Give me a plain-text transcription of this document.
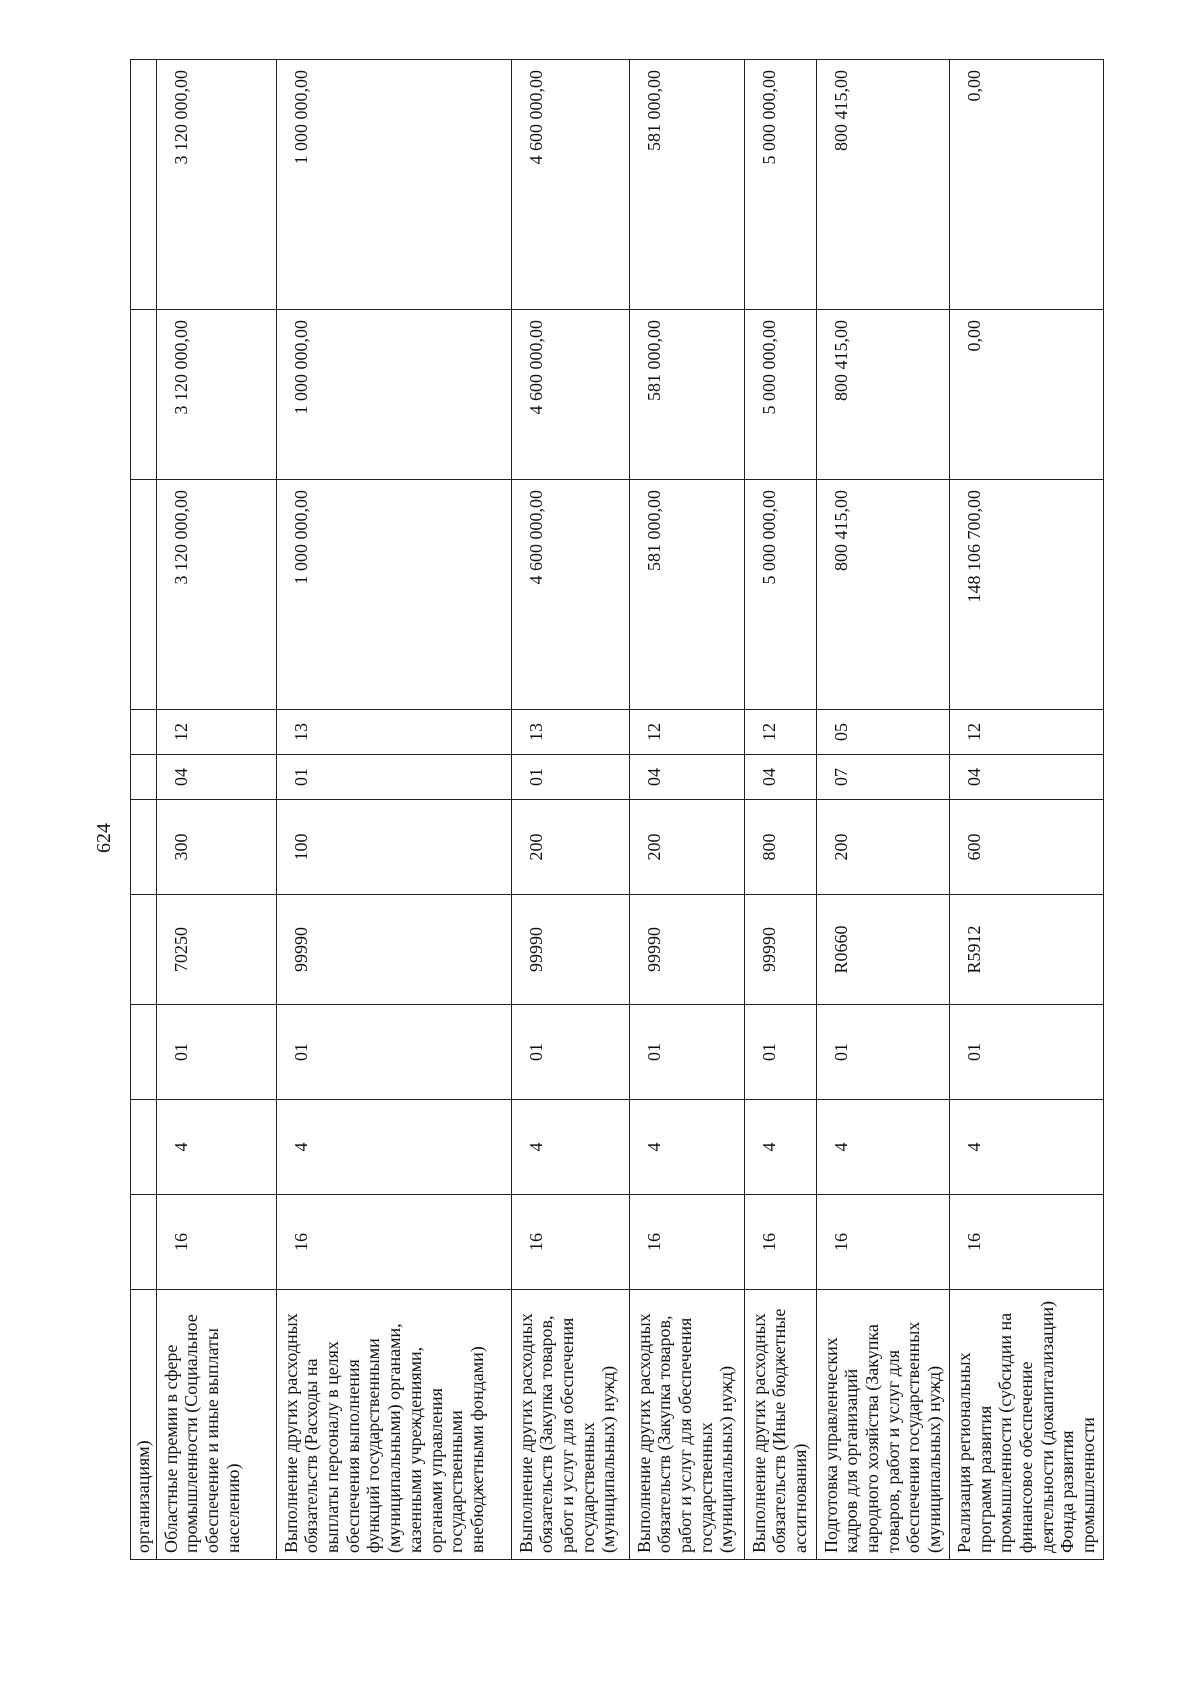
624
организациям)										
Областные премии в сфере промышленности (Социальное обеспечение и иные выплаты населению)	16	4	01	70250	300	04	12	3 120 000,00	3 120 000,00	3 120 000,00
Выполнение других расходных обязательств (Расходы на выплаты персоналу в целях обеспечения выполнения функций государственными (муниципальными) органами, казенными учреждениями, органами управления государственными внебюджетными фондами)	16	4	01	99990	100	01	13	1 000 000,00	1 000 000,00	1 000 000,00
Выполнение других расходных обязательств (Закупка товаров, работ и услуг для обеспечения государственных (муниципальных) нужд)	16	4	01	99990	200	01	13	4 600 000,00	4 600 000,00	4 600 000,00
Выполнение других расходных обязательств (Закупка товаров, работ и услуг для обеспечения государственных (муниципальных) нужд)	16	4	01	99990	200	04	12	581 000,00	581 000,00	581 000,00
Выполнение других расходных обязательств (Иные бюджетные ассигнования)	16	4	01	99990	800	04	12	5 000 000,00	5 000 000,00	5 000 000,00
Подготовка управленческих кадров для организаций народного хозяйства (Закупка товаров, работ и услуг для обеспечения государственных (муниципальных) нужд)	16	4	01	R0660	200	07	05	800 415,00	800 415,00	800 415,00
Реализация региональных программ развития промышленности (субсидии на финансовое обеспечение деятельности (докапитализации) Фонда развития промышленности	16	4	01	R5912	600	04	12	148 106 700,00	0,00	0,00
